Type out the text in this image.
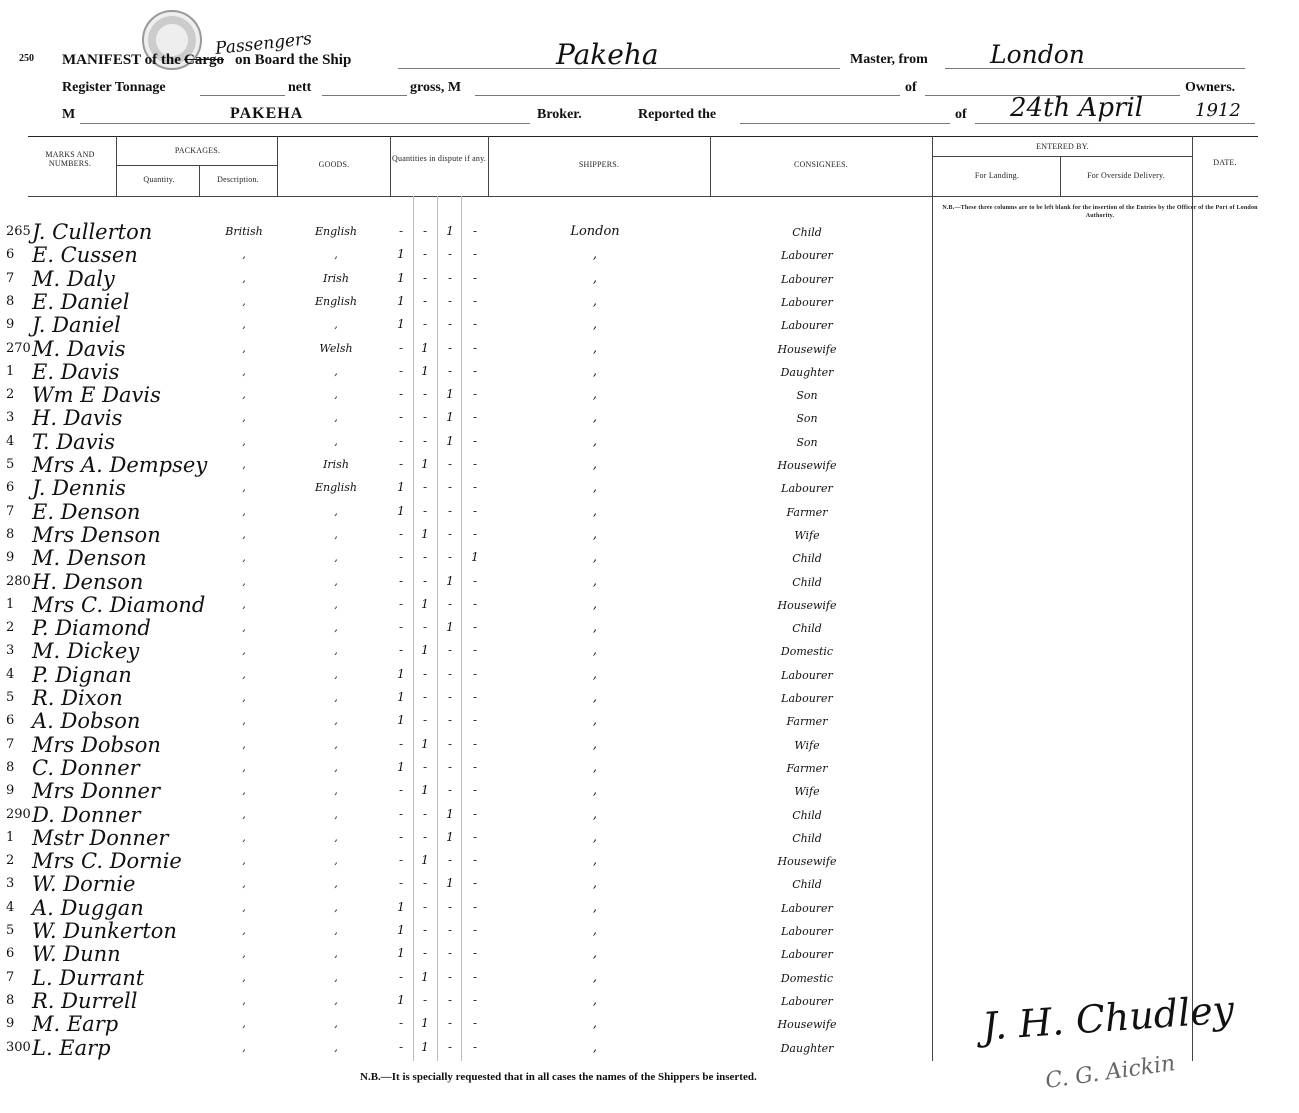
250 MANIFEST of the Cargo on Board the Ship
Passengers	Pakeha	Master, from London
Register Tonnage	nett	gross, M	of	Owners.
M	PAKEHA	Broker.	Reported the	of 24th April	1912
MARKS AND NUMBERS.
PACKAGES.
Quantity.	Description.
GOODS.
Quantities in dispute if any.
SHIPPERS.	CONSIGNEES.
ENTERED BY.
For Landing.	For Overside Delivery.
DATE.
N.B.—These three columns are to be left blank for the insertion of the Entries by the Officer of the Port of London Authority.
265 J. Cullerton	British	English	-	-	1	-	London	Child
6 E. Cussen	,	,	1	-	-	-	,	Labourer
7 M. Daly	,	Irish	1	-	-	-	,	Labourer
8 E. Daniel	,	English	1	-	-	-	,	Labourer
9 J. Daniel	,	,	1	-	-	-	,	Labourer
270 M. Davis	,	Welsh	-	1	-	-	,	Housewife
1 E. Davis	,	,	-	1	-	-	,	Daughter
2 Wm E Davis	,	,	-	-	1	-	,	Son
3 H. Davis	,	,	-	-	1	-	,	Son
4 T. Davis	,	,	-	-	1	-	,	Son
5 Mrs A. Dempsey	,	Irish	-	1	-	-	,	Housewife
6 J. Dennis	,	English	1	-	-	-	,	Labourer
7 E. Denson	,	,	1	-	-	-	,	Farmer
8 Mrs Denson	,	,	-	1	-	-	,	Wife
9 M. Denson	,	,	-	-	-	1	,	Child
280 H. Denson	,	,	-	-	1	-	,	Child
1 Mrs C. Diamond	,	,	-	1	-	-	,	Housewife
2 P. Diamond	,	,	-	-	1	-	,	Child
3 M. Dickey	,	,	-	1	-	-	,	Domestic
4 P. Dignan	,	,	1	-	-	-	,	Labourer
5 R. Dixon	,	,	1	-	-	-	,	Labourer
6 A. Dobson	,	,	1	-	-	-	,	Farmer
7 Mrs Dobson	,	,	-	1	-	-	,	Wife
8 C. Donner	,	,	1	-	-	-	,	Farmer
9 Mrs Donner	,	,	-	1	-	-	,	Wife
290 D. Donner	,	,	-	-	1	-	,	Child
1 Mstr Donner	,	,	-	-	1	-	,	Child
2 Mrs C. Dornie	,	,	-	1	-	-	,	Housewife
3 W. Dornie	,	,	-	-	1	-	,	Child
4 A. Duggan	,	,	1	-	-	-	,	Labourer
5 W. Dunkerton	,	,	1	-	-	-	,	Labourer
6 W. Dunn	,	,	1	-	-	-	,	Labourer
7 L. Durrant	,	,	-	1	-	-	,	Domestic
8 R. Durrell	,	,	1	-	-	-	,	Labourer
9 M. Earp	,	,	-	1	-	-	,	Housewife
300 L. Earp	,	,	-	1	-	-	,	Daughter
N.B.—It is specially requested that in all cases the names of the Shippers be inserted.
J. H. Chudley
C. G. Aickin
